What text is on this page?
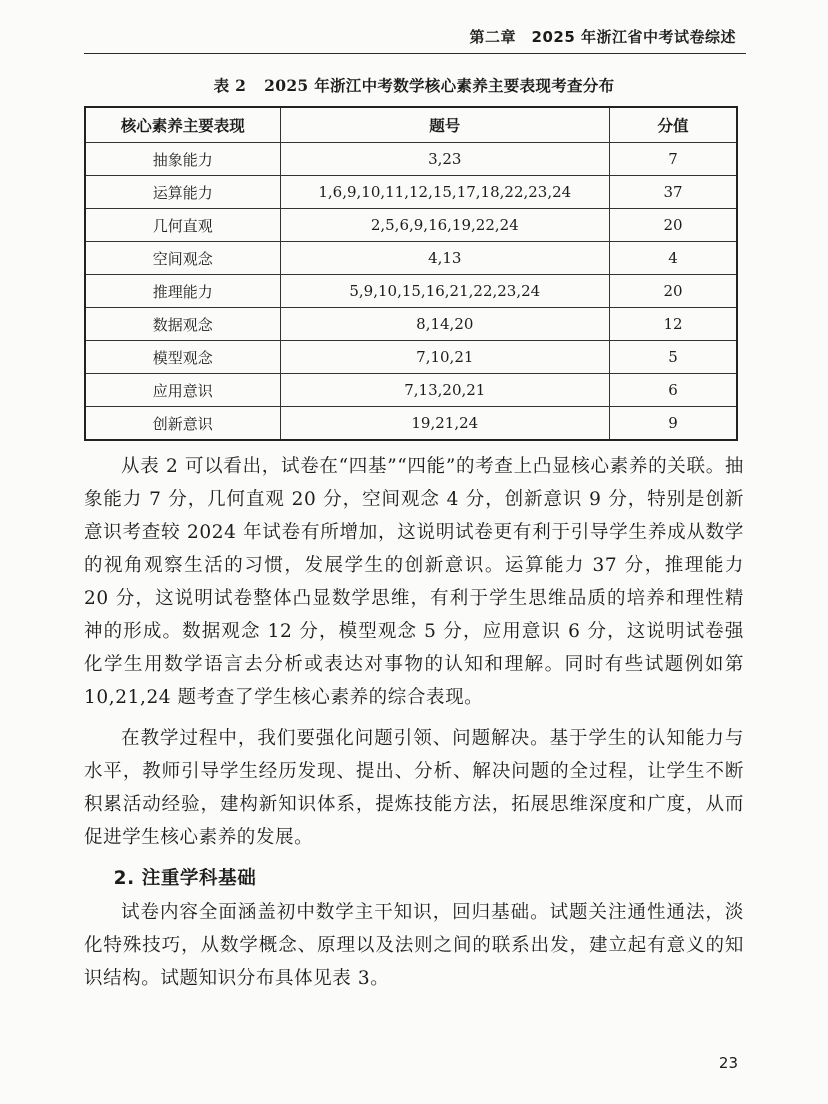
第二章　2025 年浙江省中考试卷综述
表 2 2025 年浙江中考数学核心素养主要表现考查分布
核心素养主要表现	题号	分值
抽象能力	3,23	7
运算能力	1,6,9,10,11,12,15,17,18,22,23,24	37
几何直观	2,5,6,9,16,19,22,24	20
空间观念	4,13	4
推理能力	5,9,10,15,16,21,22,23,24	20
数据观念	8,14,20	12
模型观念	7,10,21	5
应用意识	7,13,20,21	6
创新意识	19,21,24	9

从表 2 可以看出，试卷在“四基”“四能”的考查上凸显核心素养的关联。抽象能力 7 分，几何直观 20 分，空间观念 4 分，创新意识 9 分，特别是创新意识考查较 2024 年试卷有所增加，这说明试卷更有利于引导学生养成从数学的视角观察生活的习惯，发展学生的创新意识。运算能力 37 分，推理能力 20 分，这说明试卷整体凸显数学思维，有利于学生思维品质的培养和理性精神的形成。数据观念 12 分，模型观念 5 分，应用意识 6 分，这说明试卷强化学生用数学语言去分析或表达对事物的认知和理解。同时有些试题例如第 10,21,24 题考查了学生核心素养的综合表现。

在教学过程中，我们要强化问题引领、问题解决。基于学生的认知能力与水平，教师引导学生经历发现、提出、分析、解决问题的全过程，让学生不断积累活动经验，建构新知识体系，提炼技能方法，拓展思维深度和广度，从而促进学生核心素养的发展。

2. 注重学科基础

试卷内容全面涵盖初中数学主干知识，回归基础。试题关注通性通法，淡化特殊技巧，从数学概念、原理以及法则之间的联系出发，建立起有意义的知识结构。试题知识分布具体见表 3。

23
